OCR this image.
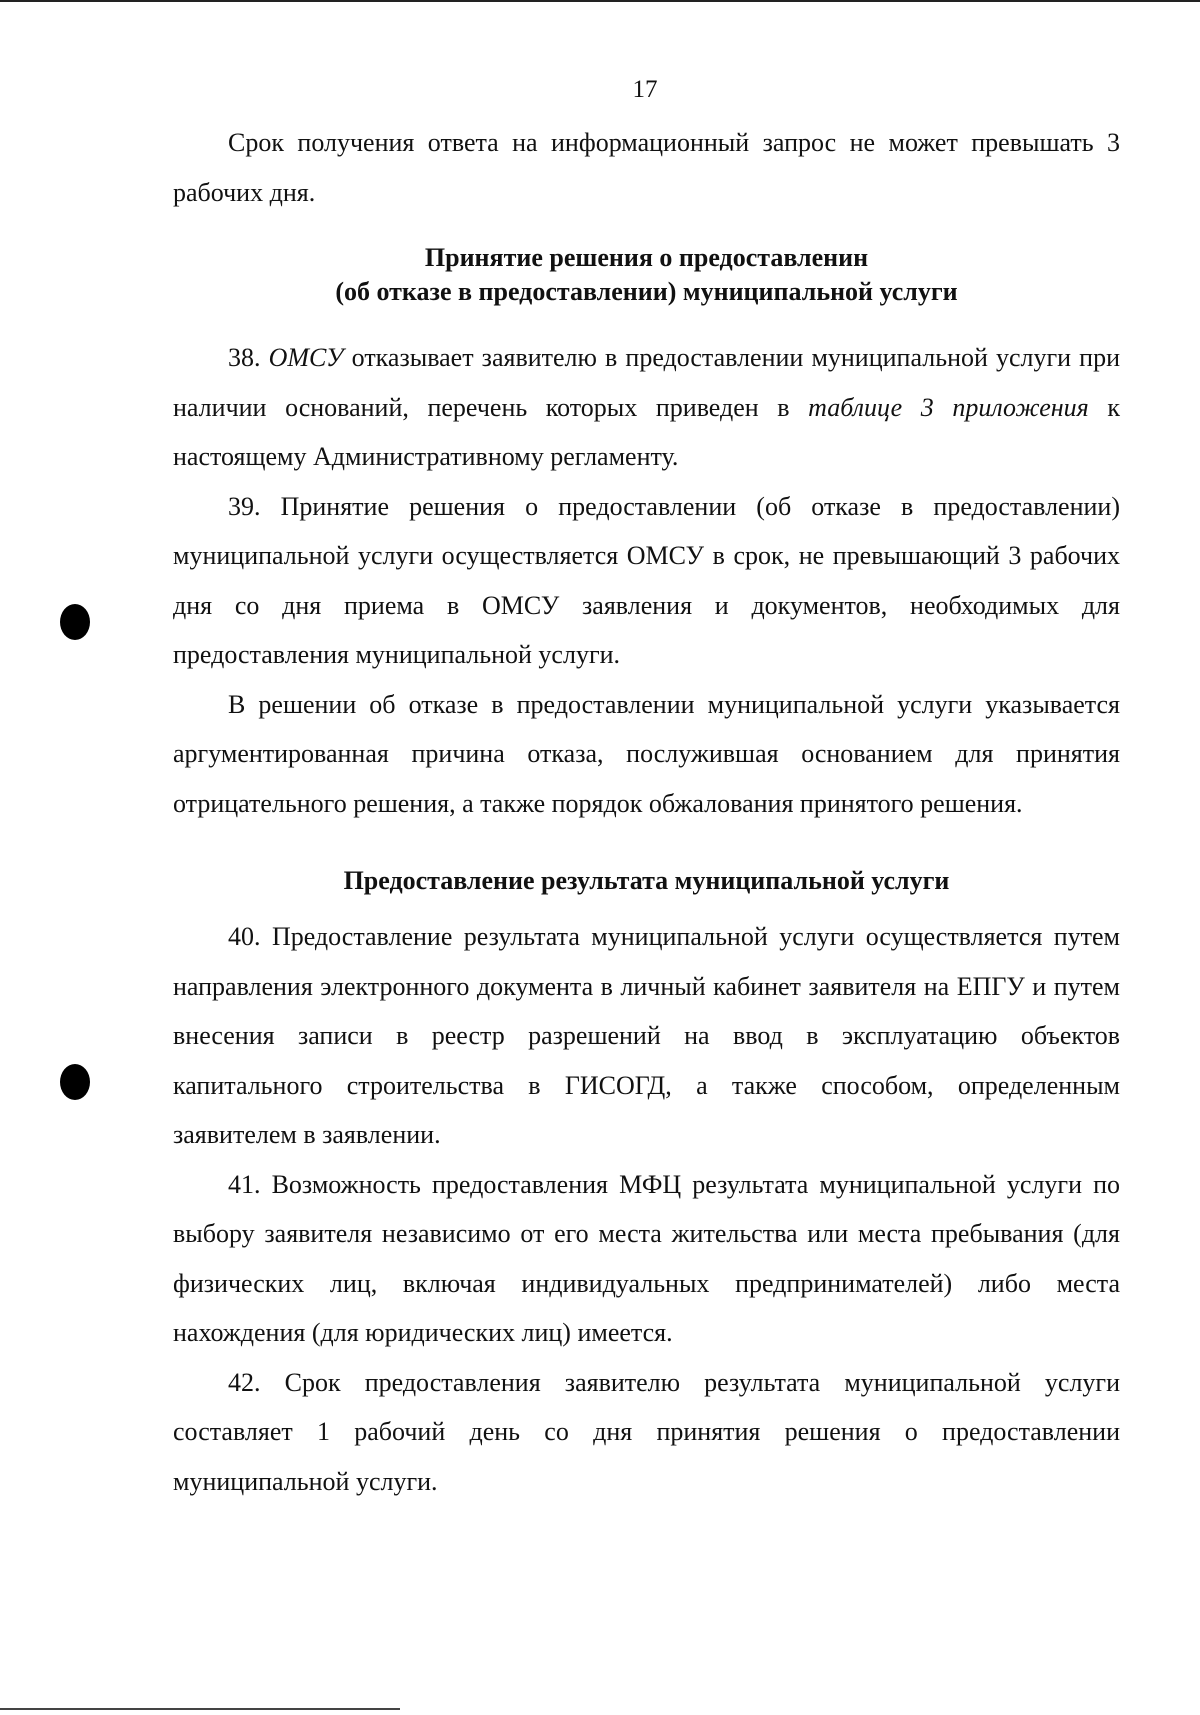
17

Срок получения ответа на информационный запрос не может превышать 3 рабочих дня.

Принятие решения о предоставленин
(об отказе в предоставлении) муниципальной услуги

38. ОМСУ отказывает заявителю в предоставлении муниципальной услуги при наличии оснований, перечень которых приведен в таблице 3 приложения к настоящему Административному регламенту.

39. Принятие решения о предоставлении (об отказе в предоставлении) муниципальной услуги осуществляется ОМСУ в срок, не превышающий 3 рабочих дня со дня приема в ОМСУ заявления и документов, необходимых для предоставления муниципальной услуги.

В решении об отказе в предоставлении муниципальной услуги указывается аргументированная причина отказа, послужившая основанием для принятия отрицательного решения, а также порядок обжалования принятого решения.

Предоставление результата муниципальной услуги

40. Предоставление результата муниципальной услуги осуществляется путем направления электронного документа в личный кабинет заявителя на ЕПГУ и путем внесения записи в реестр разрешений на ввод в эксплуатацию объектов капитального строительства в ГИСОГД, а также способом, определенным заявителем в заявлении.

41. Возможность предоставления МФЦ результата муниципальной услуги по выбору заявителя независимо от его места жительства или места пребывания (для физических лиц, включая индивидуальных предпринимателей) либо места нахождения (для юридических лиц) имеется.

42. Срок предоставления заявителю результата муниципальной услуги составляет 1 рабочий день со дня принятия решения о предоставлении муниципальной услуги.
